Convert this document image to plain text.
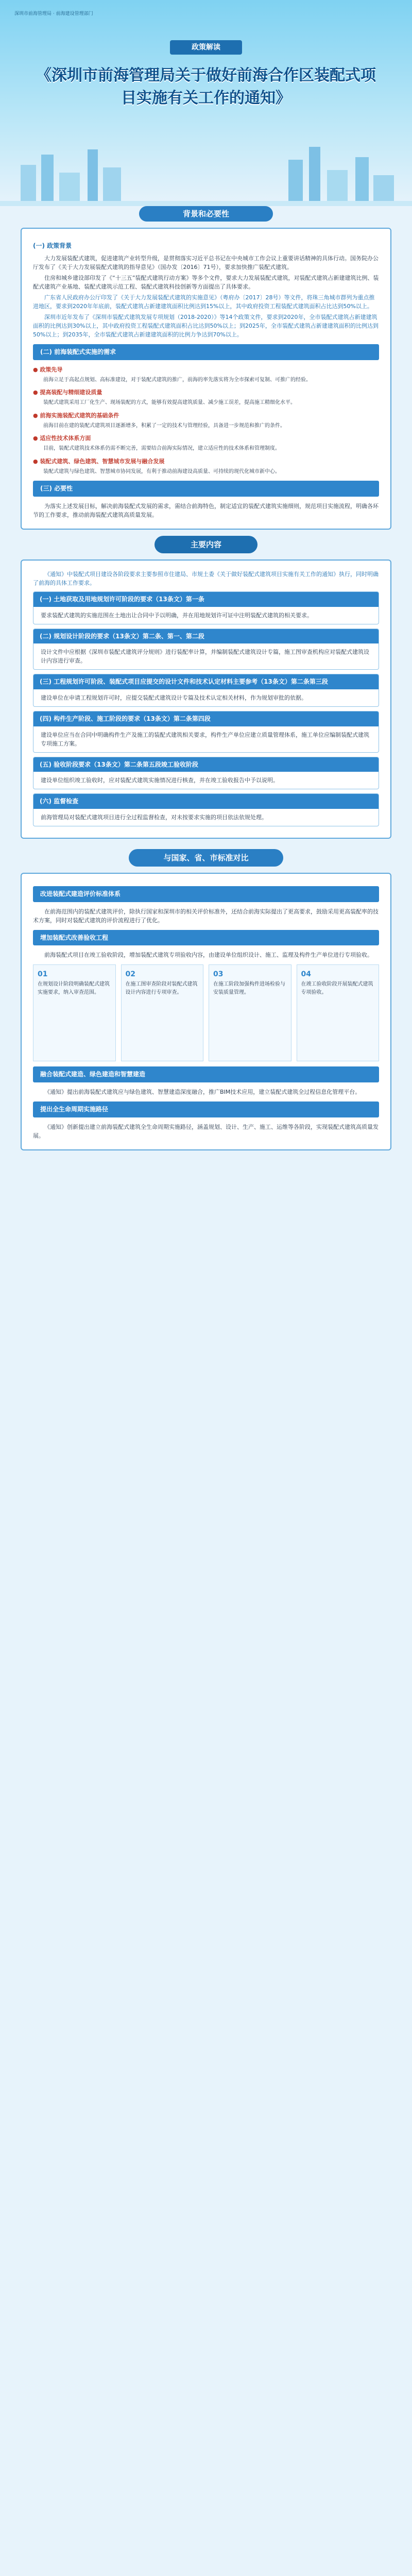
深圳市前海管理局 · 前海建设管理部门
政策解读
《深圳市前海管理局关于做好前海合作区装配式项目实施有关工作的通知》
背景和必要性
(一) 政策背景

大力发展装配式建筑，促进建筑产业转型升级，是贯彻落实习近平总书记在中央城市工作会议上重要讲话精神的具体行动。国务院办公厅发布了《关于大力发展装配式建筑的指导意见》（国办发〔2016〕71号），要求加快推广装配式建筑。

住房和城乡建设部印发了《“十三五”装配式建筑行动方案》等多个文件，要求大力发展装配式建筑，对装配式建筑占新建建筑比例、装配式建筑产业基地、装配式建筑示范工程、装配式建筑科技创新等方面提出了具体要求。

广东省人民政府办公厅印发了《关于大力发展装配式建筑的实施意见》（粤府办〔2017〕28号）等文件，将珠三角城市群列为重点推进地区，要求到2020年年底前，装配式建筑占新建建筑面积比例达到15%以上，其中政府投资工程装配式建筑面积占比达到50%以上。

深圳市近年发布了《深圳市装配式建筑发展专项规划（2018-2020）》等14个政策文件，要求到2020年，全市装配式建筑占新建建筑面积的比例达到30%以上，其中政府投资工程装配式建筑面积占比达到50%以上；到2025年，全市装配式建筑占新建建筑面积的比例达到50%以上；到2035年，全市装配式建筑占新建建筑面积的比例力争达到70%以上。

(二) 前海装配式实施的需求
● 政策先导

前海立足于高起点规划、高标准建设，对于装配式建筑的推广，前海的率先落实将为全市探索可复制、可推广的经验。

● 提高装配与精细建设质量

装配式建筑采用工厂化生产、现场装配的方式，能够有效提高建筑质量、减少施工误差，提高施工精细化水平。

● 前海实施装配式建筑的基础条件

前海目前在建的装配式建筑项目逐渐增多，积累了一定的技术与管理经验，具备进一步规范和推广的条件。

● 适应性技术体系方面

目前，装配式建筑技术体系仍需不断完善，需要结合前海实际情况，建立适应性的技术体系和管理制度。

● 装配式建筑、绿色建筑、智慧城市发展与融合发展

装配式建筑与绿色建筑、智慧城市协同发展，有利于推动前海建设高质量、可持续的现代化城市新中心。

(三) 必要性

为落实上述发展目标，解决前海装配式发展的需求，需结合前海特色，制定适宜的装配式建筑实施细则，规范项目实施流程，明确各环节的工作要求，推动前海装配式建筑高质量发展。

主要内容

《通知》中装配式项目建设各阶段要求主要参照市住建局、市规土委《关于做好装配式建筑项目实施有关工作的通知》执行，同时明确了前海的具体工作要求。

(一) 土地获取及用地规划许可阶段的要求（13条文）第一条
要求装配式建筑的实施范围在土地出让合同中予以明确，并在用地规划许可证中注明装配式建筑的相关要求。
(二) 规划设计阶段的要求（13条文）第二条、第一、第二段
设计文件中应根据《深圳市装配式建筑评分规则》进行装配率计算，并编制装配式建筑设计专篇，施工图审查机构应对装配式建筑设计内容进行审查。
(三) 工程规划许可阶段、装配式项目应提交的设计文件和技术认定材料主要参考（13条文）第二条第三段
建设单位在申请工程规划许可时，应提交装配式建筑设计专篇及技术认定相关材料，作为规划审批的依据。
(四) 构件生产阶段、施工阶段的要求（13条文）第二条第四段
建设单位应当在合同中明确构件生产及施工的装配式建筑相关要求，构件生产单位应建立质量管理体系，施工单位应编制装配式建筑专项施工方案。
(五) 验收阶段要求（13条文）第二条第五段竣工验收阶段
建设单位组织竣工验收时，应对装配式建筑实施情况进行核查，并在竣工验收报告中予以说明。
(六) 监督检查
前海管理局对装配式建筑项目进行全过程监督检查，对未按要求实施的项目依法依规处理。
与国家、省、市标准对比
改进装配式建造评价标准体系

在前海范围内的装配式建筑评价，除执行国家和深圳市的相关评价标准外，还结合前海实际提出了更高要求，鼓励采用更高装配率的技术方案，同时对装配式建筑的评价流程进行了优化。

增加装配式改善验收工程

前海装配式项目在竣工验收阶段，增加装配式建筑专项验收内容，由建设单位组织设计、施工、监理及构件生产单位进行专项验收。

01
在规划设计阶段明确装配式建筑实施要求，纳入审查范围。
02
在施工图审查阶段对装配式建筑设计内容进行专项审查。
03
在施工阶段加强构件进场检验与安装质量管理。
04
在竣工验收阶段开展装配式建筑专项验收。
融合装配式建造、绿色建造和智慧建造

《通知》提出前海装配式建筑应与绿色建筑、智慧建造深度融合，推广BIM技术应用，建立装配式建筑全过程信息化管理平台。

提出全生命周期实施路径

《通知》创新提出建立前海装配式建筑全生命周期实施路径，涵盖规划、设计、生产、施工、运维等各阶段，实现装配式建筑高质量发展。
